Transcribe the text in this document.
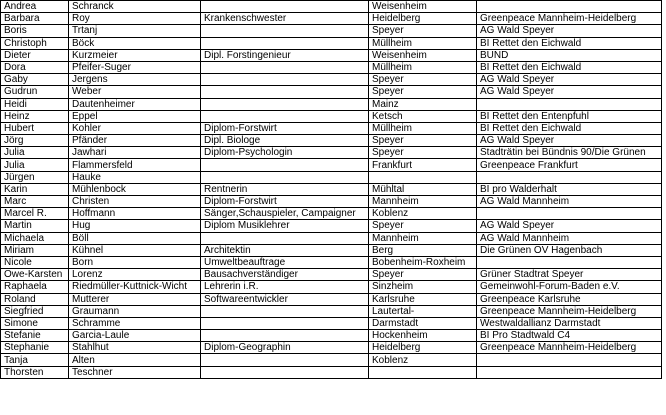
Andrea	Schranck		Weisenheim	
Barbara	Roy	Krankenschwester	Heidelberg	Greenpeace Mannheim-Heidelberg
Boris	Trtanj		Speyer	AG Wald Speyer
Christoph	Böck		Müllheim	BI Rettet den Eichwald
Dieter	Kurzmeier	Dipl. Forstingenieur	Weisenheim	BUND
Dora	Pfeifer-Suger		Müllheim	BI Rettet den Eichwald
Gaby	Jergens		Speyer	AG Wald Speyer
Gudrun	Weber		Speyer	AG Wald Speyer
Heidi	Dautenheimer		Mainz	
Heinz	Eppel		Ketsch	BI Rettet den Entenpfuhl
Hubert	Kohler	Diplom-Forstwirt	Müllheim	BI Rettet den Eichwald
Jörg	Pfänder	Dipl. Biologe	Speyer	AG Wald Speyer
Julia	Jawhari	Diplom-Psychologin	Speyer	Stadträtin bei Bündnis 90/Die Grünen
Julia	Flammersfeld		Frankfurt	Greenpeace Frankfurt
Jürgen	Hauke			
Karin	Mühlenbock	Rentnerin	Mühltal	BI pro Walderhalt
Marc	Christen	Diplom-Forstwirt	Mannheim	AG Wald Mannheim
Marcel R.	Hoffmann	Sänger,Schauspieler, Campaigner	Koblenz	
Martin	Hug	Diplom Musiklehrer	Speyer	AG Wald Speyer
Michaela	Böll		Mannheim	AG Wald Mannheim
Miriam	Kühnel	Architektin	Berg	Die Grünen OV Hagenbach
Nicole	Born	Umweltbeauftrage	Bobenheim-Roxheim	
Owe-Karsten	Lorenz	Bausachverständiger	Speyer	Grüner Stadtrat Speyer
Raphaela	Riedmüller-Kuttnick-Wicht	Lehrerin i.R.	Sinzheim	Gemeinwohl-Forum-Baden e.V.
Roland	Mutterer	Softwareentwickler	Karlsruhe	Greenpeace Karlsruhe
Siegfried	Graumann		Lautertal-	Greenpeace Mannheim-Heidelberg
Simone	Schramme		Darmstadt	Westwaldallianz Darmstadt
Stefanie	Garcia-Laule		Hockenheim	BI Pro Stadtwald C4
Stephanie	Stahlhut	Diplom-Geographin	Heidelberg	Greenpeace Mannheim-Heidelberg
Tanja	Alten		Koblenz	
Thorsten	Teschner			
